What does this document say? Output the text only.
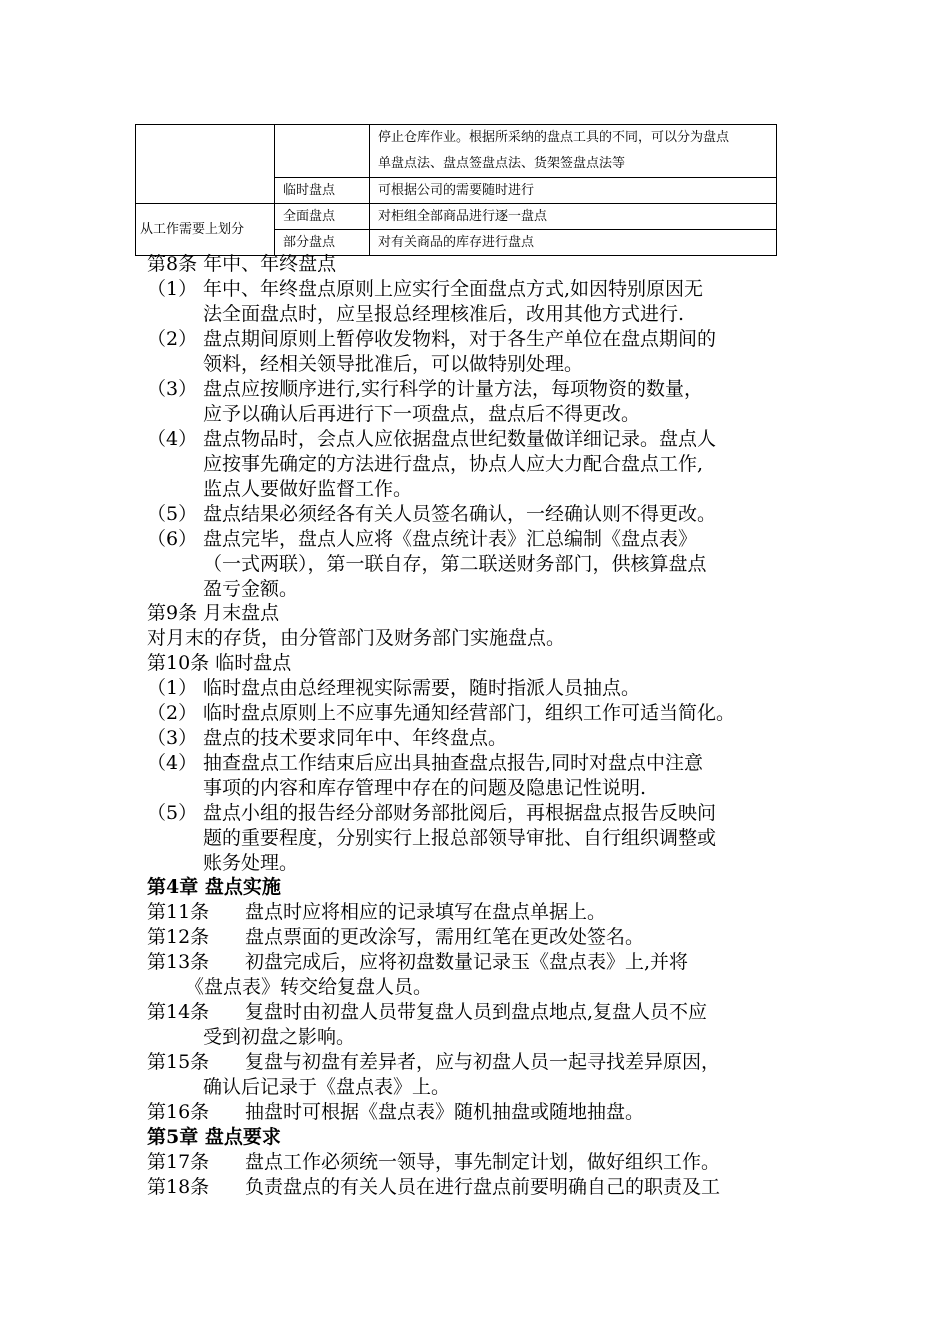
		停止仓库作业。根据所采纳的盘点工具的不同，可以分为盘点
单盘点法、盘点签盘点法、货架签盘点法等

	临时盘点	可根据公司的需要随时进行
从工作需要上划分	全面盘点	对柜组全部商品进行逐一盘点
	部分盘点	对有关商品的库存进行盘点
第8条 年中、年终盘点
（1） 年中、年终盘点原则上应实行全面盘点方式,如因特别原因无
法全面盘点时，应呈报总经理核准后，改用其他方式进行.
（2） 盘点期间原则上暂停收发物料，对于各生产单位在盘点期间的
领料，经相关领导批准后，可以做特别处理。
（3） 盘点应按顺序进行,实行科学的计量方法，每项物资的数量，
应予以确认后再进行下一项盘点，盘点后不得更改。
（4） 盘点物品时，会点人应依据盘点世纪数量做详细记录。盘点人
应按事先确定的方法进行盘点，协点人应大力配合盘点工作,
监点人要做好监督工作。
（5） 盘点结果必须经各有关人员签名确认，一经确认则不得更改。
（6） 盘点完毕，盘点人应将《盘点统计表》汇总编制《盘点表》
（一式两联），第一联自存，第二联送财务部门，供核算盘点
盈亏金额。
第9条 月末盘点
对月末的存货，由分管部门及财务部门实施盘点。
第10条 临时盘点
（1） 临时盘点由总经理视实际需要，随时指派人员抽点。
（2） 临时盘点原则上不应事先通知经营部门，组织工作可适当简化。
（3） 盘点的技术要求同年中、年终盘点。
（4） 抽查盘点工作结束后应出具抽查盘点报告,同时对盘点中注意
事项的内容和库存管理中存在的问题及隐患记性说明.
（5） 盘点小组的报告经分部财务部批阅后，再根据盘点报告反映问
题的重要程度，分别实行上报总部领导审批、自行组织调整或
账务处理。
第4章 盘点实施
第11条 盘点时应将相应的记录填写在盘点单据上。
第12条 盘点票面的更改涂写，需用红笔在更改处签名。
第13条 初盘完成后，应将初盘数量记录玉《盘点表》上,并将
《盘点表》转交给复盘人员。
第14条 复盘时由初盘人员带复盘人员到盘点地点,复盘人员不应
受到初盘之影响。
第15条 复盘与初盘有差异者，应与初盘人员一起寻找差异原因，
确认后记录于《盘点表》上。
第16条 抽盘时可根据《盘点表》随机抽盘或随地抽盘。
第5章 盘点要求
第17条 盘点工作必须统一领导，事先制定计划，做好组织工作。
第18条 负责盘点的有关人员在进行盘点前要明确自己的职责及工
